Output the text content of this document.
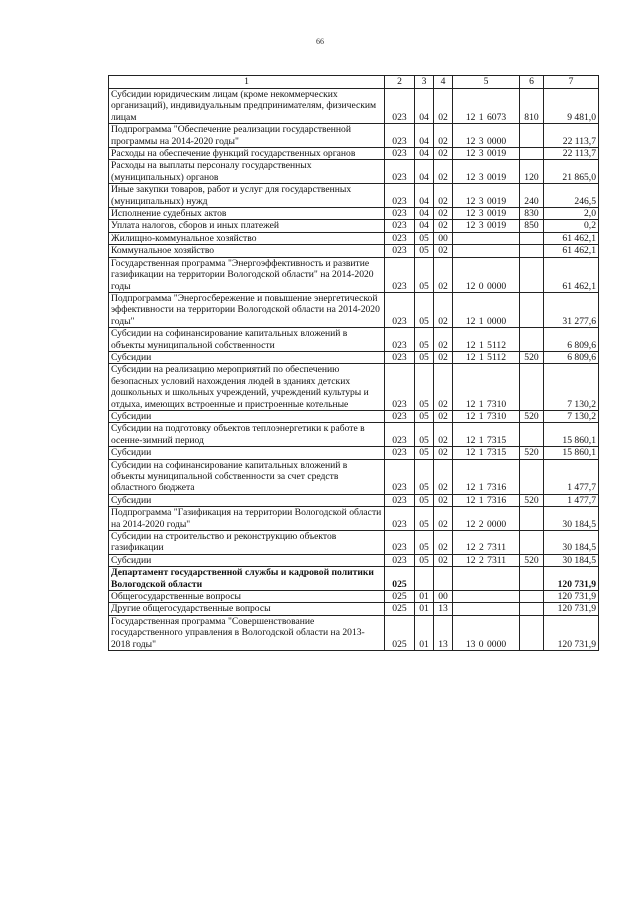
66
1	2	3	4	5	6	7
Субсидии юридическим лицам (кроме некоммерческих организаций), индивидуальным предпринимателям, физическим лицам	023	04	02	12 1 6073	810	9 481,0
Подпрограмма "Обеспечение реализации государственной программы на 2014-2020 годы"	023	04	02	12 3 0000		22 113,7
Расходы на обеспечение функций государственных органов	023	04	02	12 3 0019		22 113,7
Расходы на выплаты персоналу государственных (муниципальных) органов	023	04	02	12 3 0019	120	21 865,0
Иные закупки товаров, работ и услуг для государственных (муниципальных) нужд	023	04	02	12 3 0019	240	246,5
Исполнение судебных актов	023	04	02	12 3 0019	830	2,0
Уплата налогов, сборов и иных платежей	023	04	02	12 3 0019	850	0,2
Жилищно-коммунальное хозяйство	023	05	00			61 462,1
Коммунальное хозяйство	023	05	02			61 462,1
Государственная программа "Энергоэффективность и развитие газификации на территории Вологодской области" на 2014-2020 годы	023	05	02	12 0 0000		61 462,1
Подпрограмма "Энергосбережение и повышение энергетической эффективности на территории Вологодской области на 2014-2020 годы"	023	05	02	12 1 0000		31 277,6
Субсидии на софинансирование капитальных вложений в объекты муниципальной собственности	023	05	02	12 1 5112		6 809,6
Субсидии	023	05	02	12 1 5112	520	6 809,6
Субсидии на реализацию мероприятий по обеспечению безопасных условий нахождения людей в зданиях детских дошкольных и школьных учреждений, учреждений культуры и отдыха, имеющих встроенные и пристроенные котельные	023	05	02	12 1 7310		7 130,2
Субсидии	023	05	02	12 1 7310	520	7 130,2
Субсидии на подготовку объектов теплоэнергетики к работе в осенне-зимний период	023	05	02	12 1 7315		15 860,1
Субсидии	023	05	02	12 1 7315	520	15 860,1
Субсидии на софинансирование капитальных вложений в объекты муниципальной собственности за счет средств областного бюджета	023	05	02	12 1 7316		1 477,7
Субсидии	023	05	02	12 1 7316	520	1 477,7
Подпрограмма "Газификация на территории Вологодской области на 2014-2020 годы"	023	05	02	12 2 0000		30 184,5
Субсидии на строительство и реконструкцию объектов газификации	023	05	02	12 2 7311		30 184,5
Субсидии	023	05	02	12 2 7311	520	30 184,5
Департамент государственной службы и кадровой политики Вологодской области	025					120 731,9
Общегосударственные вопросы	025	01	00			120 731,9
Другие общегосударственные вопросы	025	01	13			120 731,9
Государственная программа "Совершенствование государственного управления в Вологодской области на 2013-2018 годы"	025	01	13	13 0 0000		120 731,9
